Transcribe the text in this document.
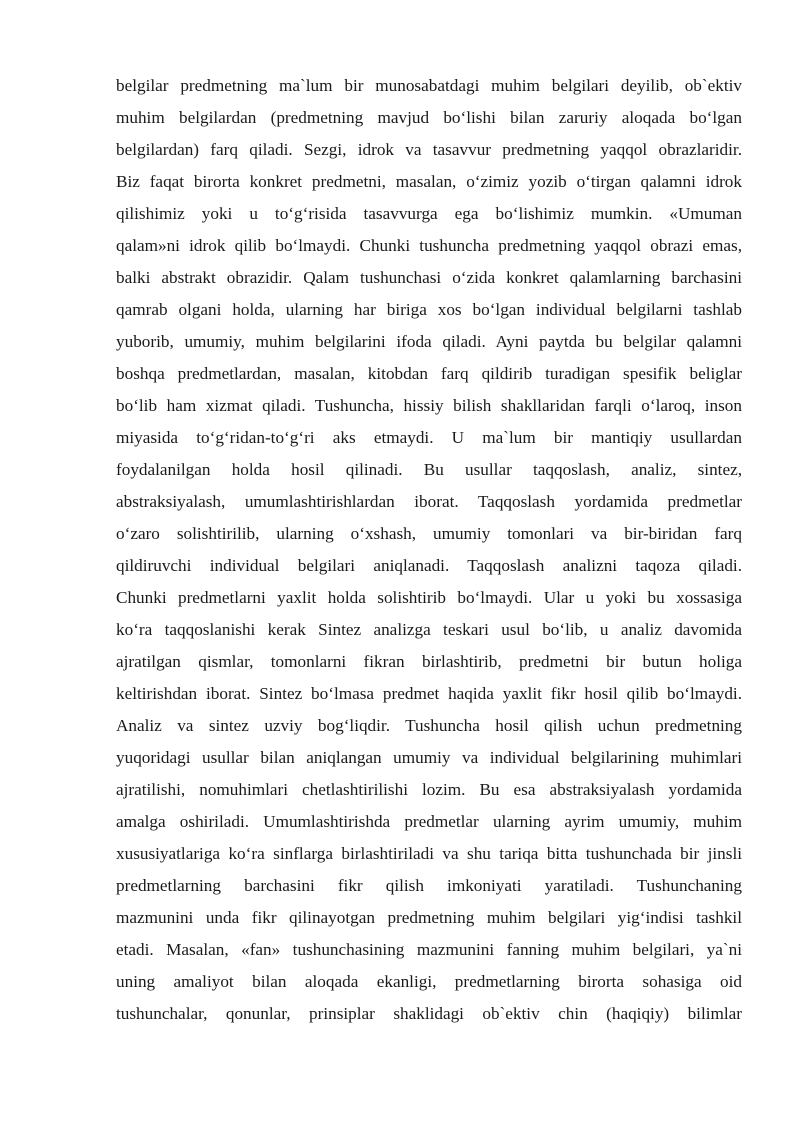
belgilar predmetning ma`lum bir munosabatdagi muhim belgilari deyilib, ob`ektiv
muhim belgilardan (predmetning mavjud bo‘lishi bilan zaruriy aloqada bo‘lgan
belgilardan) farq qiladi. Sezgi, idrok va tasavvur predmetning yaqqol obrazlaridir.
Biz faqat birorta konkret predmetni, masalan, o‘zimiz yozib o‘tirgan qalamni idrok
qilishimiz yoki u to‘g‘risida tasavvurga ega bo‘lishimiz mumkin. «Umuman
qalam»ni idrok qilib bo‘lmaydi. Chunki tushuncha predmetning yaqqol obrazi emas,
balki abstrakt obrazidir. Qalam tushunchasi o‘zida konkret qalamlarning barchasini
qamrab olgani holda, ularning har biriga xos bo‘lgan individual belgilarni tashlab
yuborib, umumiy, muhim belgilarini ifoda qiladi. Ayni paytda bu belgilar qalamni
boshqa predmetlardan, masalan, kitobdan farq qildirib turadigan spesifik beliglar
bo‘lib ham xizmat qiladi. Tushuncha, hissiy bilish shakllaridan farqli o‘laroq, inson
miyasida to‘g‘ridan-to‘g‘ri aks etmaydi. U ma`lum bir mantiqiy usullardan
foydalanilgan holda hosil qilinadi. Bu usullar taqqoslash, analiz, sintez,
abstraksiyalash, umumlashtirishlardan iborat. Taqqoslash yordamida predmetlar
o‘zaro solishtirilib, ularning o‘xshash, umumiy tomonlari va bir-biridan farq
qildiruvchi individual belgilari aniqlanadi. Taqqoslash analizni taqoza qiladi.
Chunki predmetlarni yaxlit holda solishtirib bo‘lmaydi. Ular u yoki bu xossasiga
ko‘ra taqqoslanishi kerak Sintez analizga teskari usul bo‘lib, u analiz davomida
ajratilgan qismlar, tomonlarni fikran birlashtirib, predmetni bir butun holiga
keltirishdan iborat. Sintez bo‘lmasa predmet haqida yaxlit fikr hosil qilib bo‘lmaydi.
Analiz va sintez uzviy bog‘liqdir. Tushuncha hosil qilish uchun predmetning
yuqoridagi usullar bilan aniqlangan umumiy va individual belgilarining muhimlari
ajratilishi, nomuhimlari chetlashtirilishi lozim. Bu esa abstraksiyalash yordamida
amalga oshiriladi. Umumlashtirishda predmetlar ularning ayrim umumiy, muhim
xususiyatlariga ko‘ra sinflarga birlashtiriladi va shu tariqa bitta tushunchada bir jinsli
predmetlarning barchasini fikr qilish imkoniyati yaratiladi. Tushunchaning
mazmunini unda fikr qilinayotgan predmetning muhim belgilari yig‘indisi tashkil
etadi. Masalan, «fan» tushunchasining mazmunini fanning muhim belgilari, ya`ni
uning amaliyot bilan aloqada ekanligi, predmetlarning birorta sohasiga oid
tushunchalar, qonunlar, prinsiplar shaklidagi ob`ektiv chin (haqiqiy) bilimlar
